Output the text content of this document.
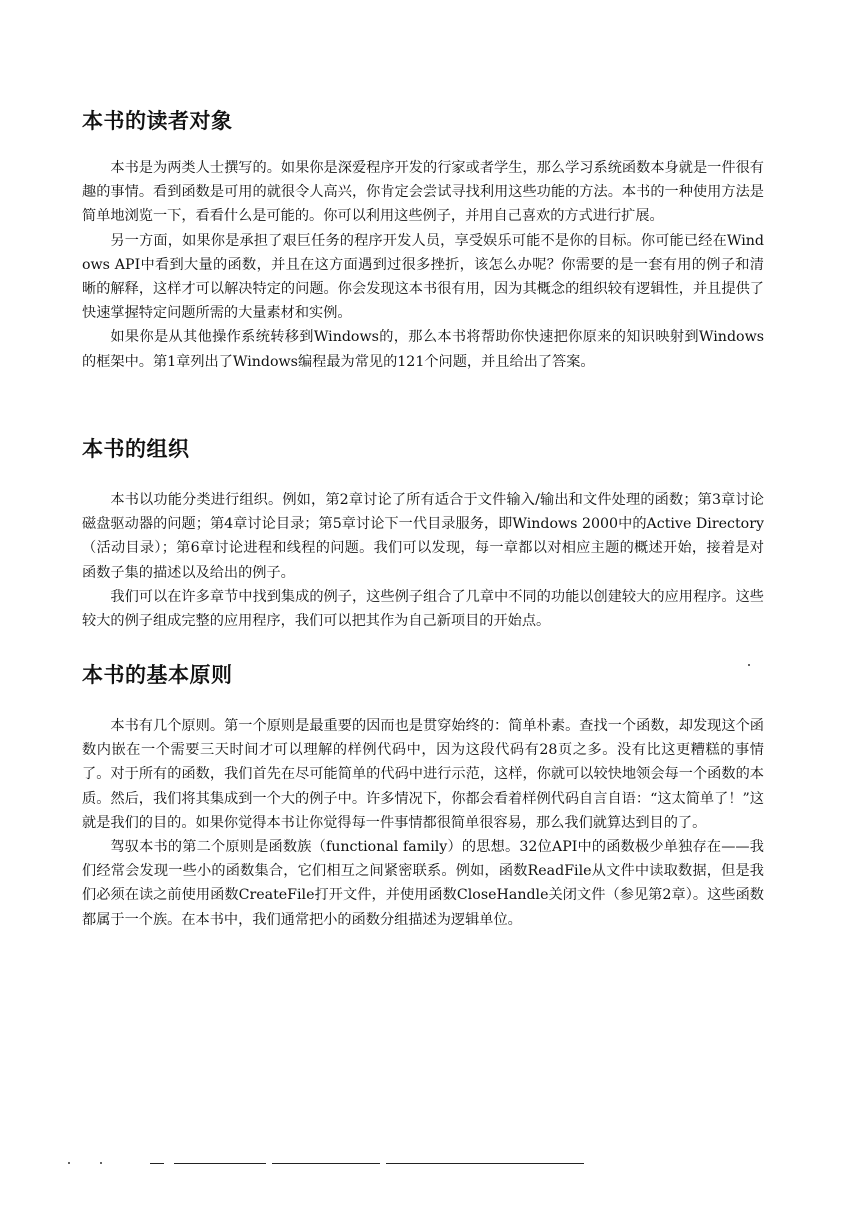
本书的读者对象

本书是为两类人士撰写的。如果你是深爱程序开发的行家或者学生，那么学习系统函数本身就是一件很有趣的事情。看到函数是可用的就很令人高兴，你肯定会尝试寻找利用这些功能的方法。本书的一种使用方法是简单地浏览一下，看看什么是可能的。你可以利用这些例子，并用自己喜欢的方式进行扩展。

另一方面，如果你是承担了艰巨任务的程序开发人员，享受娱乐可能不是你的目标。你可能已经在Windows API中看到大量的函数，并且在这方面遇到过很多挫折，该怎么办呢？你需要的是一套有用的例子和清晰的解释，这样才可以解决特定的问题。你会发现这本书很有用，因为其概念的组织较有逻辑性，并且提供了快速掌握特定问题所需的大量素材和实例。

如果你是从其他操作系统转移到Windows的，那么本书将帮助你快速把你原来的知识映射到Windows的框架中。第1章列出了Windows编程最为常见的121个问题，并且给出了答案。

本书的组织

本书以功能分类进行组织。例如，第2章讨论了所有适合于文件输入/输出和文件处理的函数；第3章讨论磁盘驱动器的问题；第4章讨论目录；第5章讨论下一代目录服务，即Windows 2000中的Active Directory（活动目录）；第6章讨论进程和线程的问题。我们可以发现，每一章都以对相应主题的概述开始，接着是对函数子集的描述以及给出的例子。

我们可以在许多章节中找到集成的例子，这些例子组合了几章中不同的功能以创建较大的应用程序。这些较大的例子组成完整的应用程序，我们可以把其作为自己新项目的开始点。

本书的基本原则

本书有几个原则。第一个原则是最重要的因而也是贯穿始终的：简单朴素。查找一个函数，却发现这个函数内嵌在一个需要三天时间才可以理解的样例代码中，因为这段代码有28页之多。没有比这更糟糕的事情了。对于所有的函数，我们首先在尽可能简单的代码中进行示范，这样，你就可以较快地领会每一个函数的本质。然后，我们将其集成到一个大的例子中。许多情况下，你都会看着样例代码自言自语：“这太简单了！”这就是我们的目的。如果你觉得本书让你觉得每一件事情都很简单很容易，那么我们就算达到目的了。

驾驭本书的第二个原则是函数族（functional family）的思想。32位API中的函数极少单独存在——我们经常会发现一些小的函数集合，它们相互之间紧密联系。例如，函数ReadFile从文件中读取数据，但是我们必须在读之前使用函数CreateFile打开文件，并使用函数CloseHandle关闭文件（参见第2章）。这些函数都属于一个族。在本书中，我们通常把小的函数分组描述为逻辑单位。
